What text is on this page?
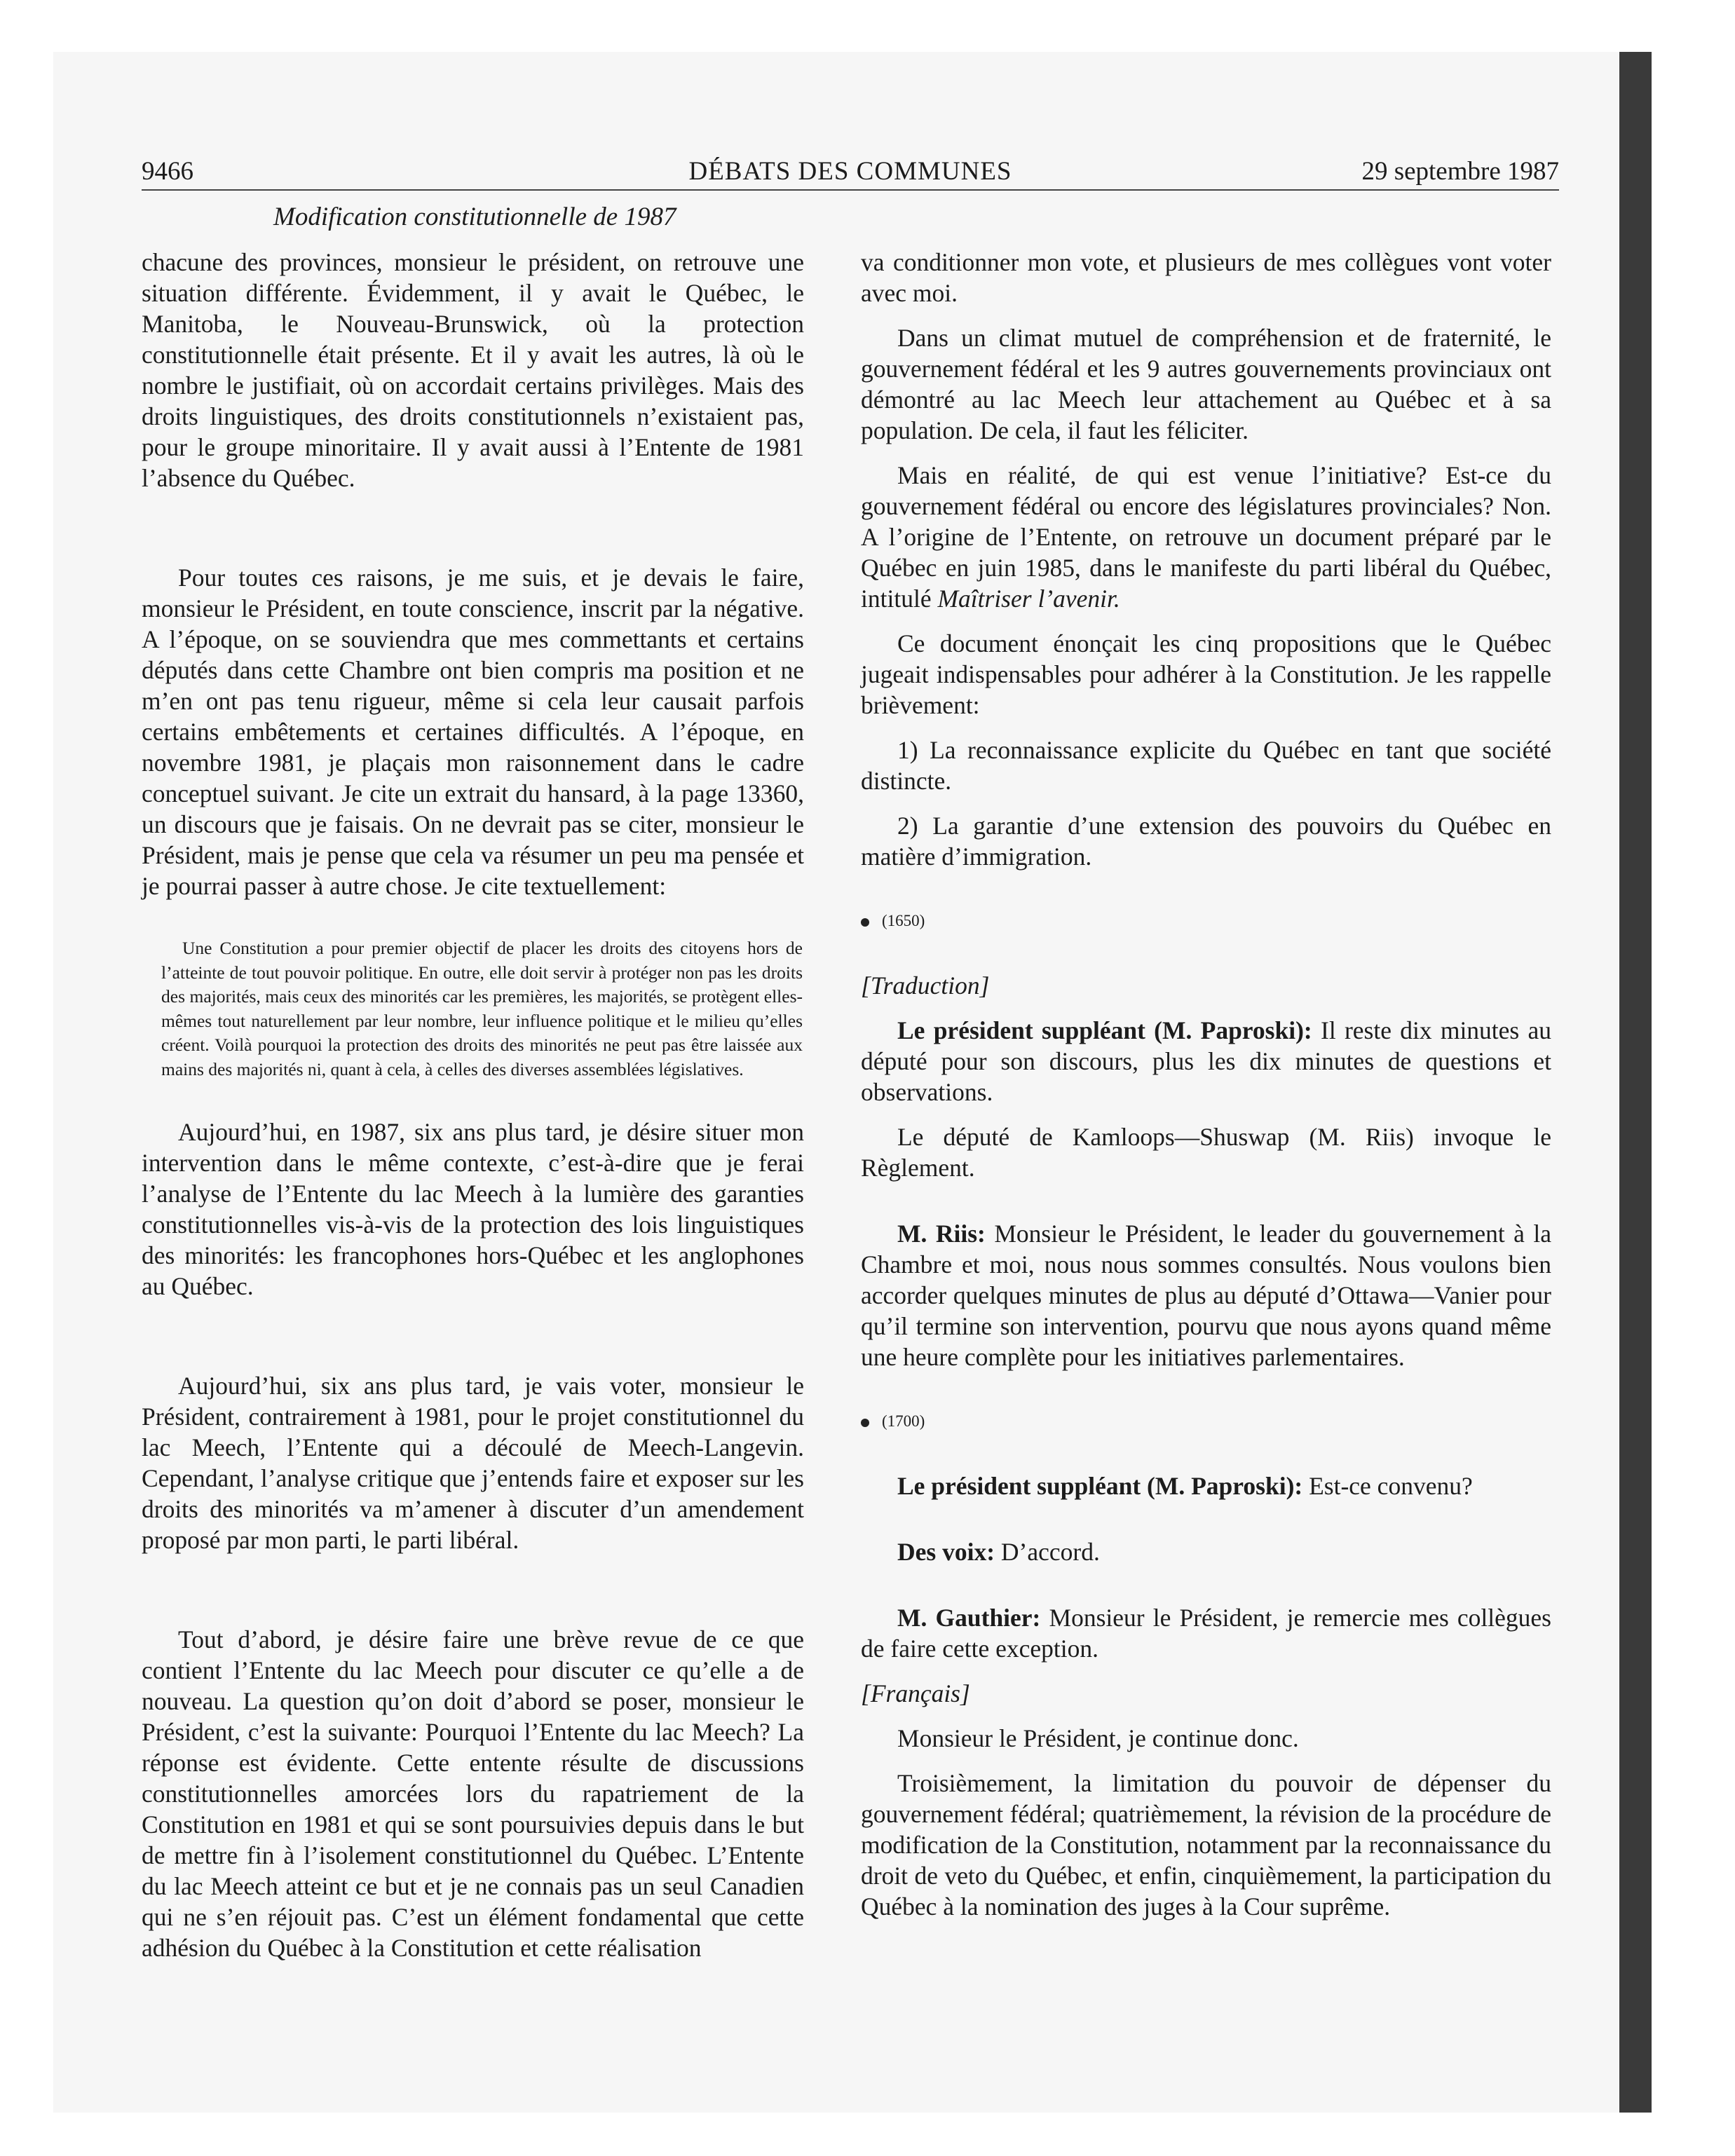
9466	DÉBATS DES COMMUNES	29 septembre 1987
Modification constitutionnelle de 1987

chacune des provinces, monsieur le président, on retrouve une situation différente. Évidemment, il y avait le Québec, le Manitoba, le Nouveau-Brunswick, où la protection constitutionnelle était présente. Et il y avait les autres, là où le nombre le justifiait, où on accordait certains privilèges. Mais des droits linguistiques, des droits constitutionnels n’existaient pas, pour le groupe minoritaire. Il y avait aussi à l’Entente de 1981 l’absence du Québec.

Pour toutes ces raisons, je me suis, et je devais le faire, monsieur le Président, en toute conscience, inscrit par la négative. A l’époque, on se souviendra que mes commettants et certains députés dans cette Chambre ont bien compris ma position et ne m’en ont pas tenu rigueur, même si cela leur causait parfois certains embêtements et certaines difficultés. A l’époque, en novembre 1981, je plaçais mon raisonnement dans le cadre conceptuel suivant. Je cite un extrait du hansard, à la page 13360, un discours que je faisais. On ne devrait pas se citer, monsieur le Président, mais je pense que cela va résumer un peu ma pensée et je pourrai passer à autre chose. Je cite textuellement:

Une Constitution a pour premier objectif de placer les droits des citoyens hors de l’atteinte de tout pouvoir politique. En outre, elle doit servir à protéger non pas les droits des majorités, mais ceux des minorités car les premières, les majorités, se protègent elles-mêmes tout naturellement par leur nombre, leur influence politique et le milieu qu’elles créent. Voilà pourquoi la protection des droits des minorités ne peut pas être laissée aux mains des majorités ni, quant à cela, à celles des diverses assemblées législatives.

Aujourd’hui, en 1987, six ans plus tard, je désire situer mon intervention dans le même contexte, c’est-à-dire que je ferai l’analyse de l’Entente du lac Meech à la lumière des garanties constitutionnelles vis-à-vis de la protection des lois linguistiques des minorités: les francophones hors-Québec et les anglophones au Québec.

Aujourd’hui, six ans plus tard, je vais voter, monsieur le Président, contrairement à 1981, pour le projet constitutionnel du lac Meech, l’Entente qui a découlé de Meech-Langevin. Cependant, l’analyse critique que j’entends faire et exposer sur les droits des minorités va m’amener à discuter d’un amendement proposé par mon parti, le parti libéral.

Tout d’abord, je désire faire une brève revue de ce que contient l’Entente du lac Meech pour discuter ce qu’elle a de nouveau. La question qu’on doit d’abord se poser, monsieur le Président, c’est la suivante: Pourquoi l’Entente du lac Meech? La réponse est évidente. Cette entente résulte de discussions constitutionnelles amorcées lors du rapatriement de la Constitution en 1981 et qui se sont poursuivies depuis dans le but de mettre fin à l’isolement constitutionnel du Québec. L’Entente du lac Meech atteint ce but et je ne connais pas un seul Canadien qui ne s’en réjouit pas. C’est un élément fondamental que cette adhésion du Québec à la Constitution et cette réalisation

va conditionner mon vote, et plusieurs de mes collègues vont voter avec moi.

Dans un climat mutuel de compréhension et de fraternité, le gouvernement fédéral et les 9 autres gouvernements provinciaux ont démontré au lac Meech leur attachement au Québec et à sa population. De cela, il faut les féliciter.

Mais en réalité, de qui est venue l’initiative? Est-ce du gouvernement fédéral ou encore des législatures provinciales? Non. A l’origine de l’Entente, on retrouve un document préparé par le Québec en juin 1985, dans le manifeste du parti libéral du Québec, intitulé Maîtriser l’avenir.

Ce document énonçait les cinq propositions que le Québec jugeait indispensables pour adhérer à la Constitution. Je les rappelle brièvement:

1) La reconnaissance explicite du Québec en tant que société distincte.

2) La garantie d’une extension des pouvoirs du Québec en matière d’immigration.

(1650)

[Traduction]

Le président suppléant (M. Paproski): Il reste dix minutes au député pour son discours, plus les dix minutes de questions et observations.

Le député de Kamloops—Shuswap (M. Riis) invoque le Règlement.

M. Riis: Monsieur le Président, le leader du gouvernement à la Chambre et moi, nous nous sommes consultés. Nous voulons bien accorder quelques minutes de plus au député d’Ottawa—Vanier pour qu’il termine son intervention, pourvu que nous ayons quand même une heure complète pour les initiatives parlementaires.

(1700)

Le président suppléant (M. Paproski): Est-ce convenu?

Des voix: D’accord.

M. Gauthier: Monsieur le Président, je remercie mes collègues de faire cette exception.

[Français]

Monsieur le Président, je continue donc.

Troisièmement, la limitation du pouvoir de dépenser du gouvernement fédéral; quatrièmement, la révision de la procédure de modification de la Constitution, notamment par la reconnaissance du droit de veto du Québec, et enfin, cinquièmement, la participation du Québec à la nomination des juges à la Cour suprême.
